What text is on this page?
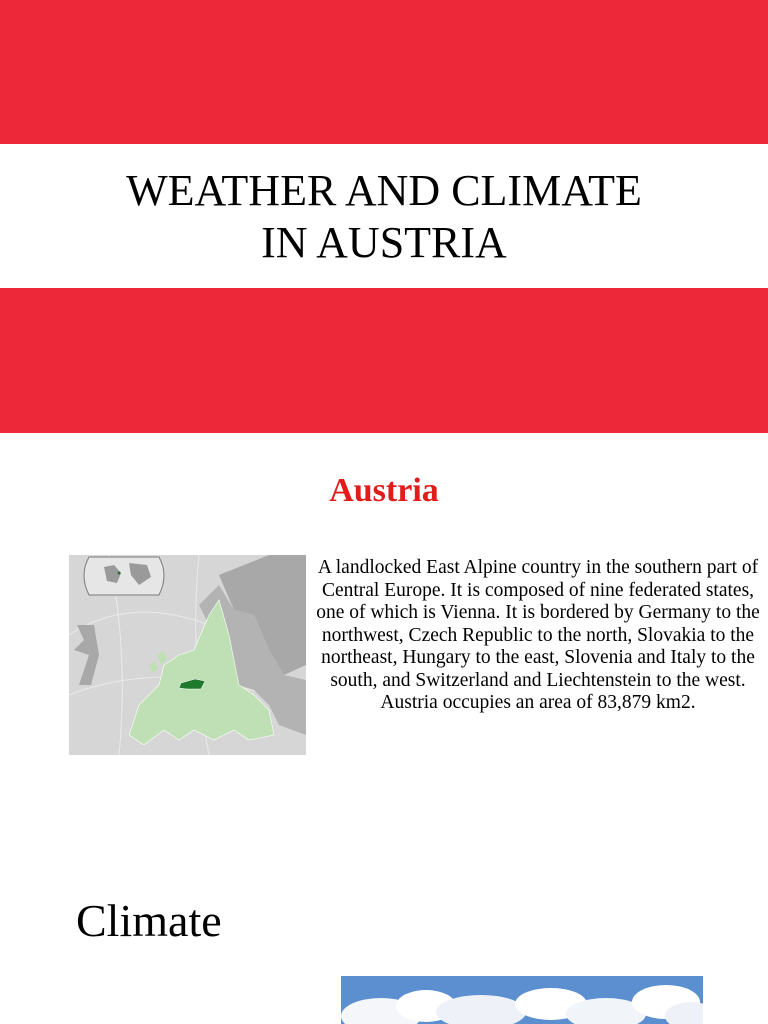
WEATHER AND CLIMATE
IN AUSTRIA
Austria

A landlocked East Alpine country in the southern part of Central Europe. It is composed of nine federated states, one of which is Vienna. It is bordered by Germany to the northwest, Czech Republic to the north, Slovakia to the northeast, Hungary to the east, Slovenia and Italy to the south, and Switzerland and Liechtenstein to the west. Austria occupies an area of 83,879 km2.

Climate
